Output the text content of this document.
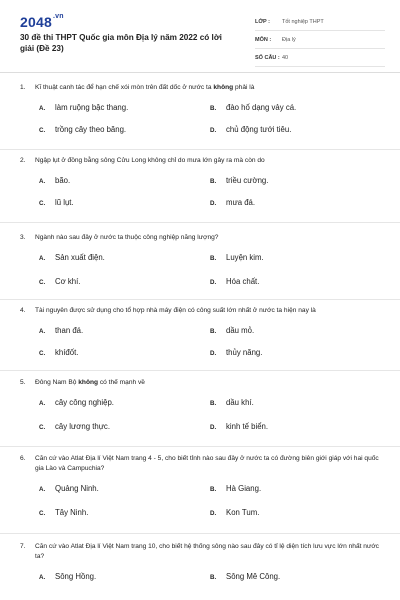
$2048^{.vn}$
30 đề thi THPT Quốc gia môn Địa lý năm 2022 có lời giải (Đề 23)
LỚP : Tốt nghiệp THPT
MÔN : Địa lý
SỐ CÂU : 40
1. Kĩ thuật canh tác để hạn chế xói mòn trên đất dốc ở nước ta không phải là
A. làm ruộng bậc thang.	B. đào hố dạng vảy cá.
C. trồng cây theo băng.	D. chủ động tưới tiêu.
2. Ngập lụt ở đồng bằng sông Cửu Long không chỉ do mưa lớn gây ra mà còn do
A. bão.	B. triều cường.
C. lũ lụt.	D. mưa đá.
3. Ngành nào sau đây ở nước ta thuộc công nghiệp năng lượng?
A. Sản xuất điện.	B. Luyện kim.
C. Cơ khí.	D. Hóa chất.
4. Tài nguyên được sử dụng cho tổ hợp nhà máy điện có công suất lớn nhất ở nước ta hiện nay là
A. than đá.	B. dầu mỏ.
C. khíđốt.	D. thủy năng.
5. Đông Nam Bộ không có thế mạnh về
A. cây công nghiệp.	B. dầu khí.
C. cây lương thực.	D. kinh tế biển.
6.	Căn cứ vào Atlat Địa lí Việt Nam trang 4 - 5, cho biết tỉnh nào sau đây ở nước ta có đường biên giới giáp với hai quốc gia Lào và Campuchia?
A. Quảng Ninh.	B. Hà Giang.
C. Tây Ninh.	D. Kon Tum.
7.	Căn cứ vào Atlat Địa lí Việt Nam trang 10, cho biết hệ thống sông nào sau đây có tỉ lệ diện tích lưu vực lớn nhất nước ta?
A. Sông Hồng.	B. Sông Mê Công.
